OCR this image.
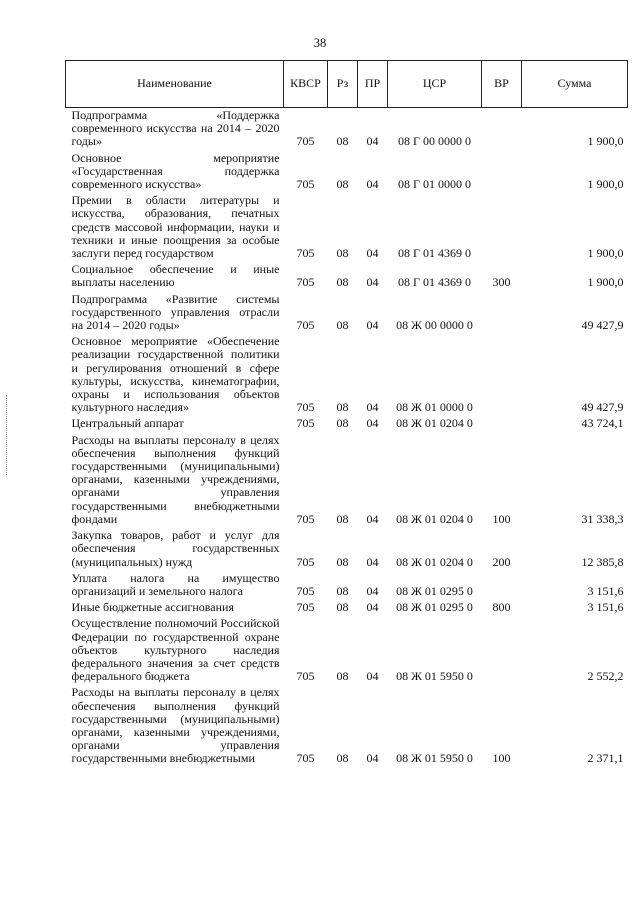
38
Наименование	КВСР	Рз	ПР	ЦСР	ВР	Сумма
Подпрограмма «Поддержка современного искусства на 2014 – 2020 годы»	705	08	04	08 Г 00 0000 0		1 900,0
Основное мероприятие «Государственная поддержка современного искусства»	705	08	04	08 Г 01 0000 0		1 900,0
Премии в области литературы и искусства, образования, печатных средств массовой информации, науки и техники и иные поощрения за особые заслуги перед государством	705	08	04	08 Г 01 4369 0		1 900,0
Социальное обеспечение и иные выплаты населению	705	08	04	08 Г 01 4369 0	300	1 900,0
Подпрограмма «Развитие системы государственного управления отрасли на 2014 – 2020 годы»	705	08	04	08 Ж 00 0000 0		49 427,9
Основное мероприятие «Обеспечение реализации государственной политики и регулирования отношений в сфере культуры, искусства, кинематографии, охраны и использования объектов культурного наследия»	705	08	04	08 Ж 01 0000 0		49 427,9
Центральный аппарат	705	08	04	08 Ж 01 0204 0		43 724,1
Расходы на выплаты персоналу в целях обеспечения выполнения функций государственными (муниципальными) органами, казенными учреждениями, органами управления государственными внебюджетными фондами	705	08	04	08 Ж 01 0204 0	100	31 338,3
Закупка товаров, работ и услуг для обеспечения государственных (муниципальных) нужд	705	08	04	08 Ж 01 0204 0	200	12 385,8
Уплата налога на имущество организаций и земельного налога	705	08	04	08 Ж 01 0295 0		3 151,6
Иные бюджетные ассигнования	705	08	04	08 Ж 01 0295 0	800	3 151,6
Осуществление полномочий Российской Федерации по государственной охране объектов культурного наследия федерального значения за счет средств федерального бюджета	705	08	04	08 Ж 01 5950 0		2 552,2
Расходы на выплаты персоналу в целях обеспечения выполнения функций государственными (муниципальными) органами, казенными учреждениями, органами управления государственными внебюджетными	705	08	04	08 Ж 01 5950 0	100	2 371,1
